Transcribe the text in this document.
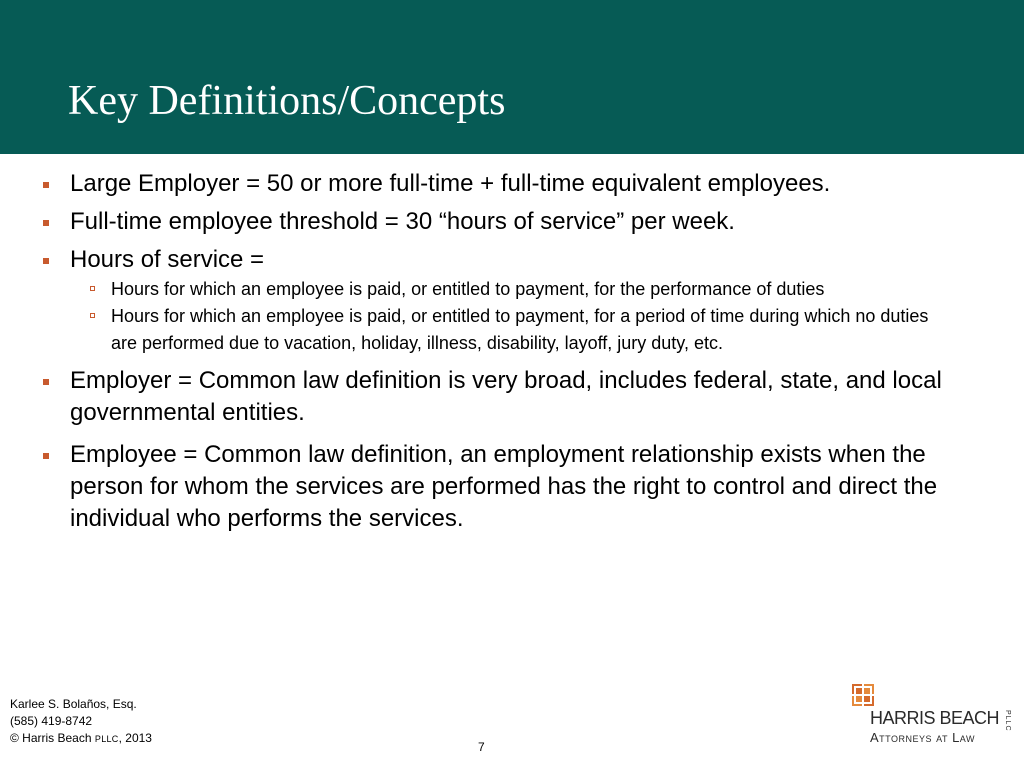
Key Definitions/Concepts
Large Employer = 50 or more full-time + full-time equivalent employees.
Full-time employee threshold = 30 “hours of service” per week.
Hours of service =
Hours for which an employee is paid, or entitled to payment, for the performance of duties
Hours for which an employee is paid, or entitled to payment, for a period of time during which no duties are performed due to vacation, holiday, illness, disability, layoff, jury duty, etc.
Employer = Common law definition is very broad, includes federal, state, and local governmental entities.
Employee = Common law definition, an employment relationship exists when the person for whom the services are performed has the right to control and direct the individual who performs the services.
Karlee S. Bolaños, Esq.
(585) 419-8742
© Harris Beach PLLC, 2013
7
HARRIS BEACH PLLC
Attorneys at Law
